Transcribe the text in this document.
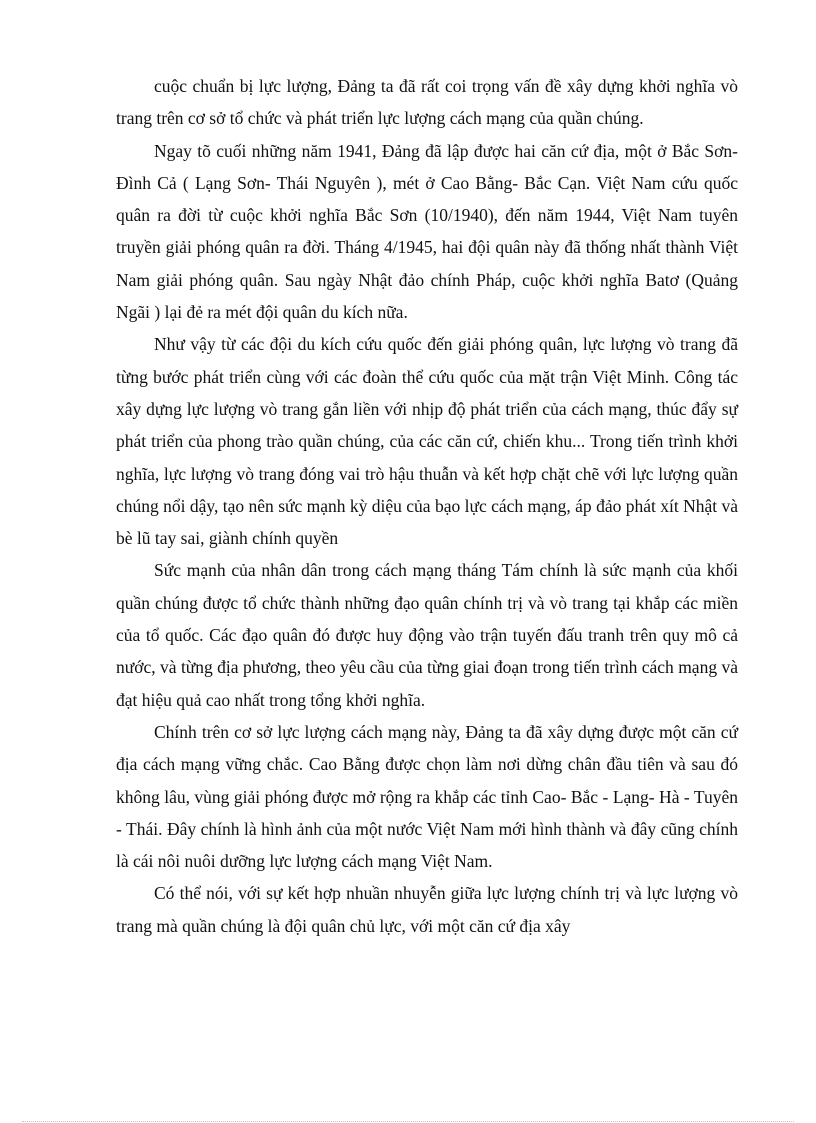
cuộc chuẩn bị lực lượng, Đảng ta đã rất coi trọng vấn đề xây dựng khởi nghĩa vò trang trên cơ sở tổ chức và phát triển lực lượng cách mạng của quần chúng.

Ngay tõ cuối những năm 1941, Đảng đã lập được hai căn cứ địa, một ở Bắc Sơn- Đình Cả ( Lạng Sơn- Thái Nguyên ), mét ở Cao Bằng- Bắc Cạn. Việt Nam cứu quốc quân ra đời từ cuộc khởi nghĩa Bắc Sơn (10/1940), đến năm 1944, Việt Nam tuyên truyền giải phóng quân ra đời. Tháng 4/1945, hai đội quân này đã thống nhất thành Việt Nam giải phóng quân. Sau ngày Nhật đảo chính Pháp, cuộc khởi nghĩa Batơ (Quảng Ngãi ) lại đẻ ra mét đội quân du kích nữa.

Như vậy từ các đội du kích cứu quốc đến giải phóng quân, lực lượng vò trang đã từng bước phát triển cùng với các đoàn thể cứu quốc của mặt trận Việt Minh. Công tác xây dựng lực lượng vò trang gắn liền với nhịp độ phát triển của cách mạng, thúc đẩy sự phát triển của phong trào quần chúng, của các căn cứ, chiến khu... Trong tiến trình khởi nghĩa, lực lượng vò trang đóng vai trò hậu thuẫn và kết hợp chặt chẽ với lực lượng quần chúng nổi dậy, tạo nên sức mạnh kỳ diệu của bạo lực cách mạng, áp đảo phát xít Nhật và bè lũ tay sai, giành chính quyền

Sức mạnh của nhân dân trong cách mạng tháng Tám chính là sức mạnh của khối quần chúng được tổ chức thành những đạo quân chính trị và vò trang tại khắp các miền của tổ quốc. Các đạo quân đó được huy động vào trận tuyến đấu tranh trên quy mô cả nước, và từng địa phương, theo yêu cầu của từng giai đoạn trong tiến trình cách mạng và đạt hiệu quả cao nhất trong tổng khởi nghĩa.

Chính trên cơ sở lực lượng cách mạng này, Đảng ta đã xây dựng được một căn cứ địa cách mạng vững chắc. Cao Bằng được chọn làm nơi dừng chân đầu tiên và sau đó không lâu, vùng giải phóng được mở rộng ra khắp các tỉnh Cao- Bắc - Lạng- Hà - Tuyên - Thái. Đây chính là hình ảnh của một nước Việt Nam mới hình thành và đây cũng chính là cái nôi nuôi dưỡng lực lượng cách mạng Việt Nam.

Có thể nói, với sự kết hợp nhuần nhuyễn giữa lực lượng chính trị và lực lượng vò trang mà quần chúng là đội quân chủ lực, với một căn cứ địa xây
